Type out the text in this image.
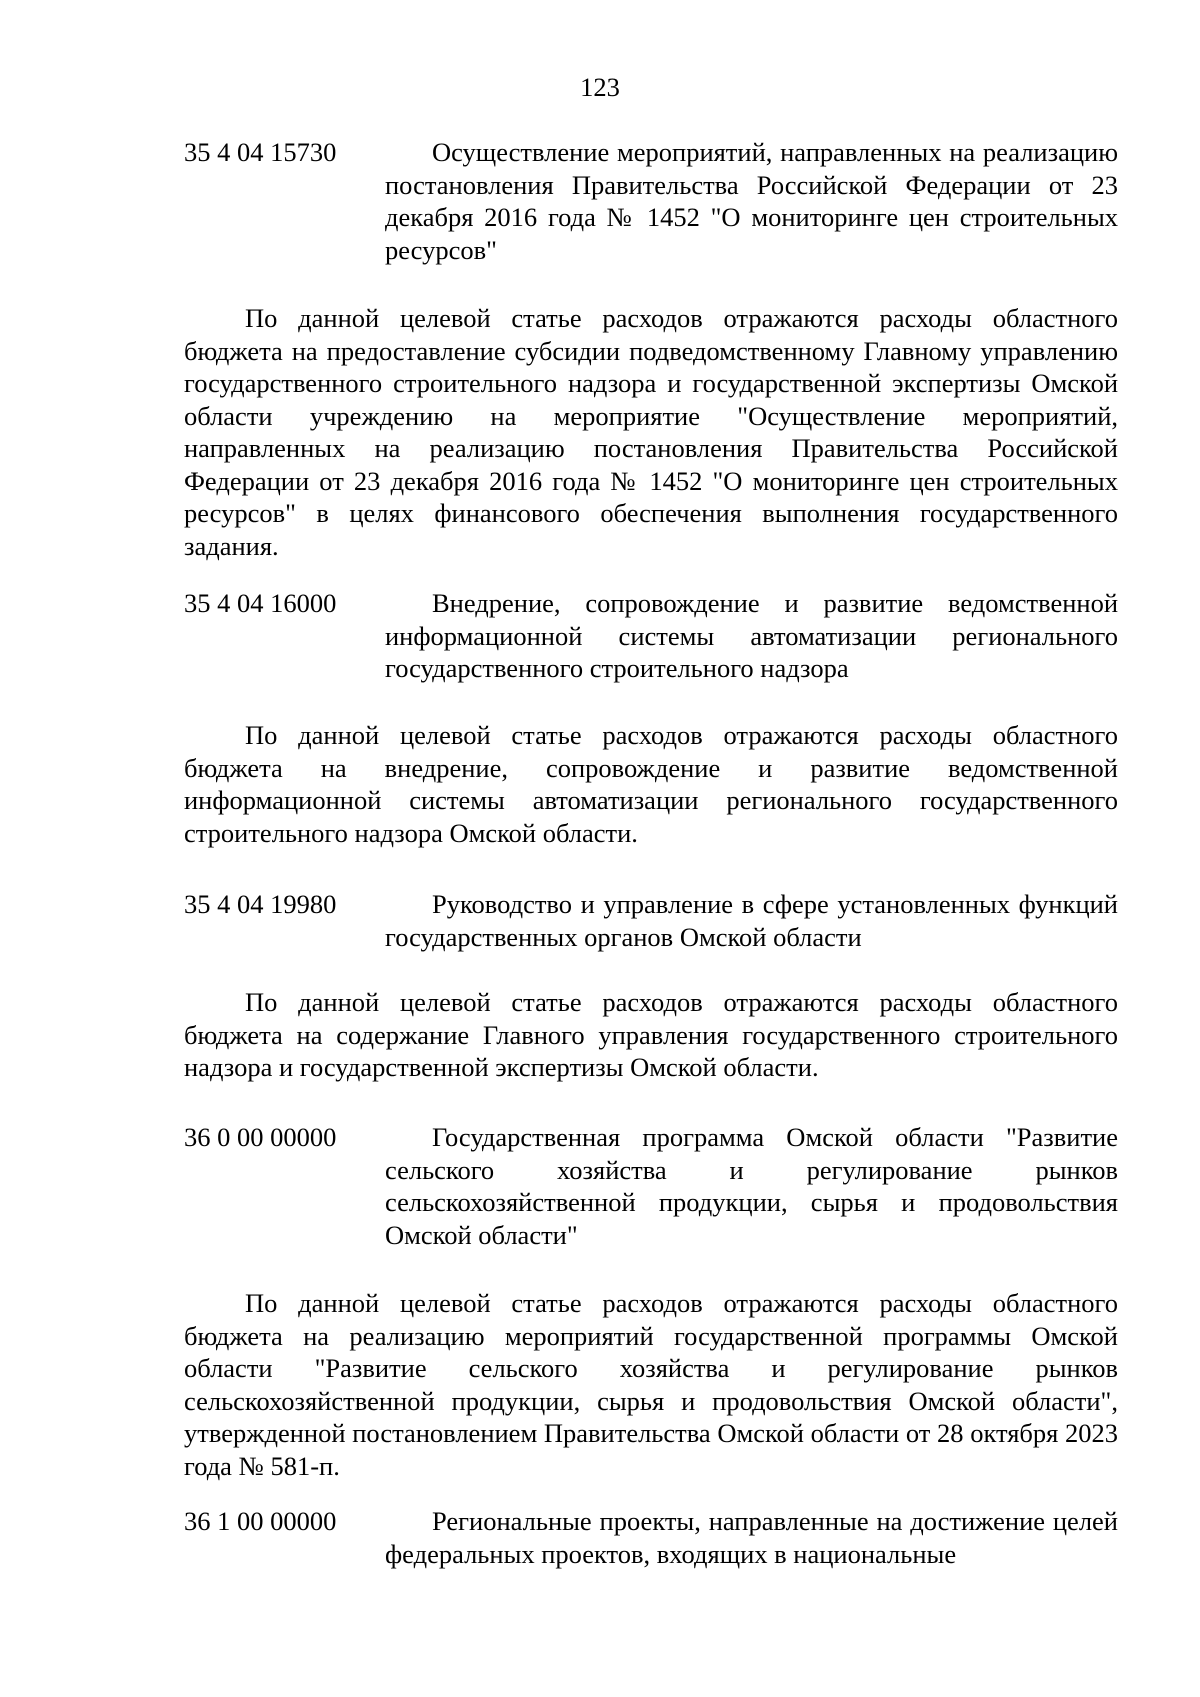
123
35 4 04 15730	Осуществление мероприятий, направленных на реализацию постановления Правительства Российской Федерации от 23 декабря 2016 года № 1452 "О мониторинге цен строительных ресурсов"
По данной целевой статье расходов отражаются расходы областного бюджета на предоставление субсидии подведомственному Главному управлению государственного строительного надзора и государственной экспертизы Омской области учреждению на мероприятие "Осуществление мероприятий, направленных на реализацию постановления Правительства Российской Федерации от 23 декабря 2016 года № 1452 "О мониторинге цен строительных ресурсов" в целях финансового обеспечения выполнения государственного задания.
35 4 04 16000	Внедрение, сопровождение и развитие ведомственной информационной системы автоматизации регионального государственного строительного надзора
По данной целевой статье расходов отражаются расходы областного бюджета на внедрение, сопровождение и развитие ведомственной информационной системы автоматизации регионального государственного строительного надзора Омской области.
35 4 04 19980	Руководство и управление в сфере установленных функций государственных органов Омской области
По данной целевой статье расходов отражаются расходы областного бюджета на содержание Главного управления государственного строительного надзора и государственной экспертизы Омской области.
36 0 00 00000	Государственная программа Омской области "Развитие сельского хозяйства и регулирование рынков сельскохозяйственной продукции, сырья и продовольствия Омской области"
По данной целевой статье расходов отражаются расходы областного бюджета на реализацию мероприятий государственной программы Омской области "Развитие сельского хозяйства и регулирование рынков сельскохозяйственной продукции, сырья и продовольствия Омской области", утвержденной постановлением Правительства Омской области от 28 октября 2023 года № 581-п.
36 1 00 00000	Региональные проекты, направленные на достижение целей федеральных проектов, входящих в национальные
